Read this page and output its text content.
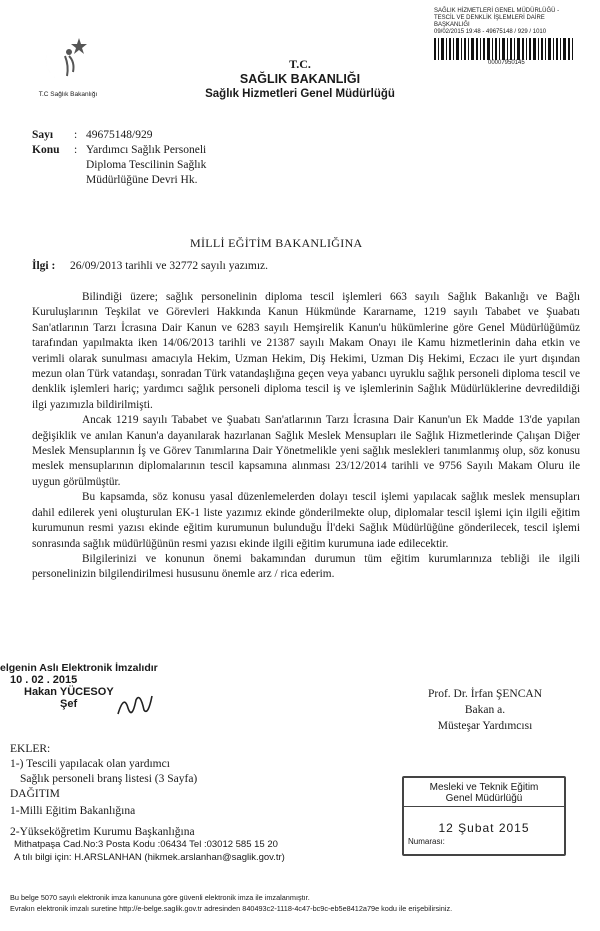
SAĞLIK HİZMETLERİ GENEL MÜDÜRLÜĞÜ -
TESCİL VE DENKLİK İŞLEMLERİ DAİRE
BAŞKANLIĞI
09/02/2015 19:48 - 49675148 / 929 / 1010
00007950145
T.C Sağlık Bakanlığı
T.C.
SAĞLIK BAKANLIĞI
Sağlık Hizmetleri Genel Müdürlüğü
Sayı	: 49675148/929
Konu	: Yardımcı Sağlık Personeli
Diploma Tescilinin Sağlık
Müdürlüğüne Devri Hk.
MİLLİ EĞİTİM BAKANLIĞINA
İlgi :	26/09/2013 tarihli ve 32772 sayılı yazımız.
Bilindiği üzere; sağlık personelinin diploma tescil işlemleri 663 sayılı Sağlık Bakanlığı ve Bağlı Kuruluşlarının Teşkilat ve Görevleri Hakkında Kanun Hükmünde Kararname, 1219 sayılı Tababet ve Şuabatı San'atlarının Tarzı İcrasına Dair Kanun ve 6283 sayılı Hemşirelik Kanun'u hükümlerine göre Genel Müdürlüğümüz tarafından yapılmakta iken 14/06/2013 tarihli ve 21387 sayılı Makam Onayı ile Kamu hizmetlerinin daha etkin ve verimli olarak sunulması amacıyla Hekim, Uzman Hekim, Diş Hekimi, Uzman Diş Hekimi, Eczacı ile yurt dışından mezun olan Türk vatandaşı, sonradan Türk vatandaşlığına geçen veya yabancı uyruklu sağlık personeli diploma tescil ve denklik işlemleri hariç; yardımcı sağlık personeli diploma tescil iş ve işlemlerinin Sağlık Müdürlüklerine devredildiği ilgi yazımızla bildirilmişti.
Ancak 1219 sayılı Tababet ve Şuabatı San'atlarının Tarzı İcrasına Dair Kanun'un Ek Madde 13'de yapılan değişiklik ve anılan Kanun'a dayanılarak hazırlanan Sağlık Meslek Mensupları ile Sağlık Hizmetlerinde Çalışan Diğer Meslek Mensuplarının İş ve Görev Tanımlarına Dair Yönetmelikle yeni sağlık meslekleri tanımlanmış olup, söz konusu meslek mensuplarının diplomalarının tescil kapsamına alınması 23/12/2014 tarihli ve 9756 Sayılı Makam Oluru ile uygun görülmüştür.
Bu kapsamda, söz konusu yasal düzenlemelerden dolayı tescil işlemi yapılacak sağlık meslek mensupları dahil edilerek yeni oluşturulan EK-1 liste yazımız ekinde gönderilmekte olup, diplomalar tescil işlemi için ilgili eğitim kurumunun resmi yazısı ekinde eğitim kurumunun bulunduğu İl'deki Sağlık Müdürlüğüne gönderilecek, tescil işlemi sonrasında sağlık müdürlüğünün resmi yazısı ekinde ilgili eğitim kurumuna iade edilecektir.
Bilgilerinizi ve konunun önemi bakamından durumun tüm eğitim kurumlarınıza tebliği ile ilgili personelinizin bilgilendirilmesi hususunu önemle arz / rica ederim.
elgenin Aslı Elektronik İmzalıdır
10 . 02 . 2015
Hakan YÜCESOY
Şef
Prof. Dr. İrfan ŞENCAN
Bakan a.
Müsteşar Yardımcısı
EKLER:
1-) Tescili yapılacak olan yardımcı
Sağlık personeli branş listesi (3 Sayfa)
DAĞITIM
1-Milli Eğitim Bakanlığına
2-Yükseköğretim Kurumu Başkanlığına
Mesleki ve Teknik Eğitim
Genel Müdürlüğü
12 Şubat 2015
Numarası:
Mithatpaşa Cad.No:3 Posta Kodu :06434 Tel :03012 585 15 20
A tılı bilgi için: H.ARSLANHAN (hikmek.arslanhan@saglik.gov.tr)
Bu belge 5070 sayılı elektronik imza kanununa göre güvenli elektronik imza ile imzalanmıştır.
Evrakın elektronik imzalı suretine http://e-belge.saglik.gov.tr adresinden 840493c2-1118-4c47-bc9c-eb5e8412a79e kodu ile erişebilirsiniz.
